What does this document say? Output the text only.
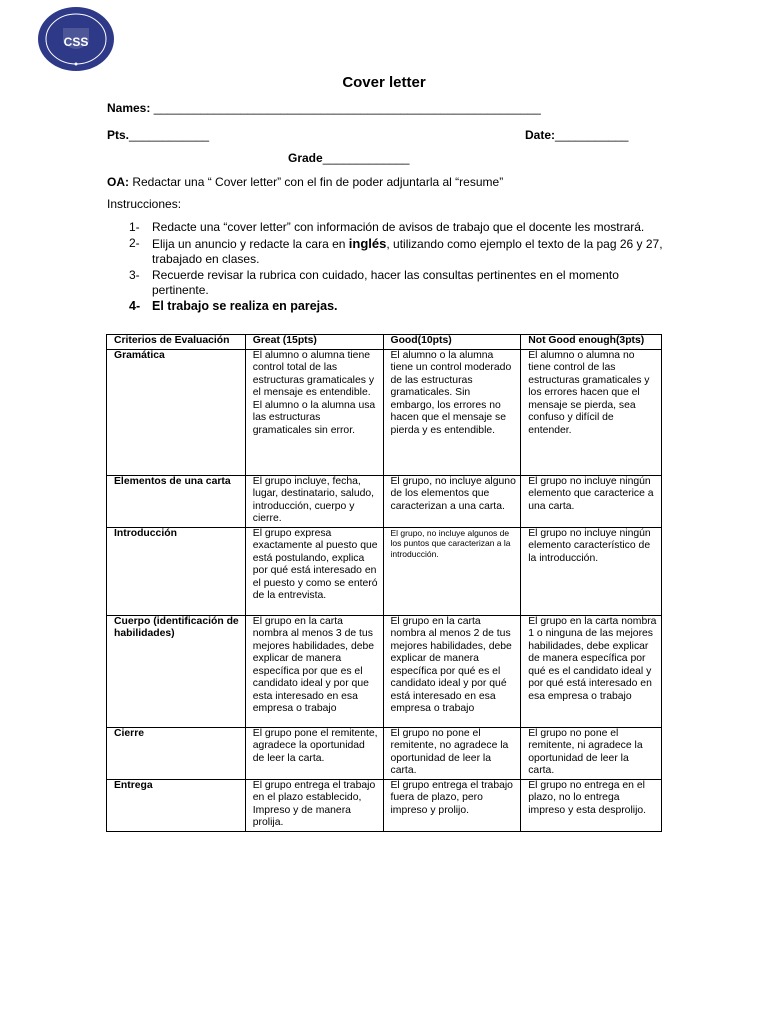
CSS
Cover letter
Names: __________________________________________________________
Pts.____________	Date:___________
Grade_____________
OA: Redactar una “ Cover letter” con el fin de poder adjuntarla al “resume”
Instrucciones:
1-	Redacte una “cover letter” con información de avisos de trabajo que el docente les mostrará.
2-	Elija un anuncio y redacte la cara en inglés, utilizando como ejemplo el texto de la pag 26 y 27, trabajado en clases.
3-	Recuerde revisar la rubrica con cuidado, hacer las consultas pertinentes en el momento pertinente.
4- El trabajo se realiza en parejas.
Criterios de Evaluación	Great (15pts)	Good(10pts)	Not Good enough(3pts)
Gramática	El alumno o alumna tiene control total de las estructuras gramaticales y el mensaje es entendible. El alumno o la alumna usa las estructuras gramaticales sin error.	El alumno o la alumna tiene un control moderado de las estructuras gramaticales. Sin embargo, los errores no hacen que el mensaje se pierda y es entendible.	El alumno o alumna no tiene control de las estructuras gramaticales y los errores hacen que el mensaje se pierda, sea confuso y difícil de entender.
Elementos de una carta	El grupo incluye, fecha, lugar, destinatario, saludo, introducción, cuerpo y cierre.	El grupo, no incluye alguno de los elementos que caracterizan a una carta.	El grupo no incluye ningún elemento que caracterice a una carta.
Introducción	El grupo expresa exactamente al puesto que está postulando, explica por qué está interesado en el puesto y como se enteró de la entrevista.	El grupo, no incluye algunos de los puntos que caracterizan a la introducción.	El grupo no incluye ningún elemento característico de la introducción.
Cuerpo (identificación de habilidades)	El grupo en la carta nombra al menos 3 de tus mejores habilidades, debe explicar de manera específica por que es el candidato ideal y por que esta interesado en esa empresa o trabajo	El grupo en la carta nombra al menos 2 de tus mejores habilidades, debe explicar de manera específica por qué es el candidato ideal y por qué está interesado en esa empresa o trabajo	El grupo en la carta nombra 1 o ninguna de las mejores habilidades, debe explicar de manera específica por qué es el candidato ideal y por qué está interesado en esa empresa o trabajo
Cierre	El grupo pone el remitente, agradece la oportunidad de leer la carta.	El grupo no pone el remitente, no agradece la oportunidad de leer la carta.	El grupo no pone el remitente, ni agradece la oportunidad de leer la carta.
Entrega	El grupo entrega el trabajo en el plazo establecido, Impreso y de manera prolija.	El grupo entrega el trabajo fuera de plazo, pero impreso y prolijo.	El grupo no entrega en el plazo, no lo entrega impreso y esta desprolijo.
